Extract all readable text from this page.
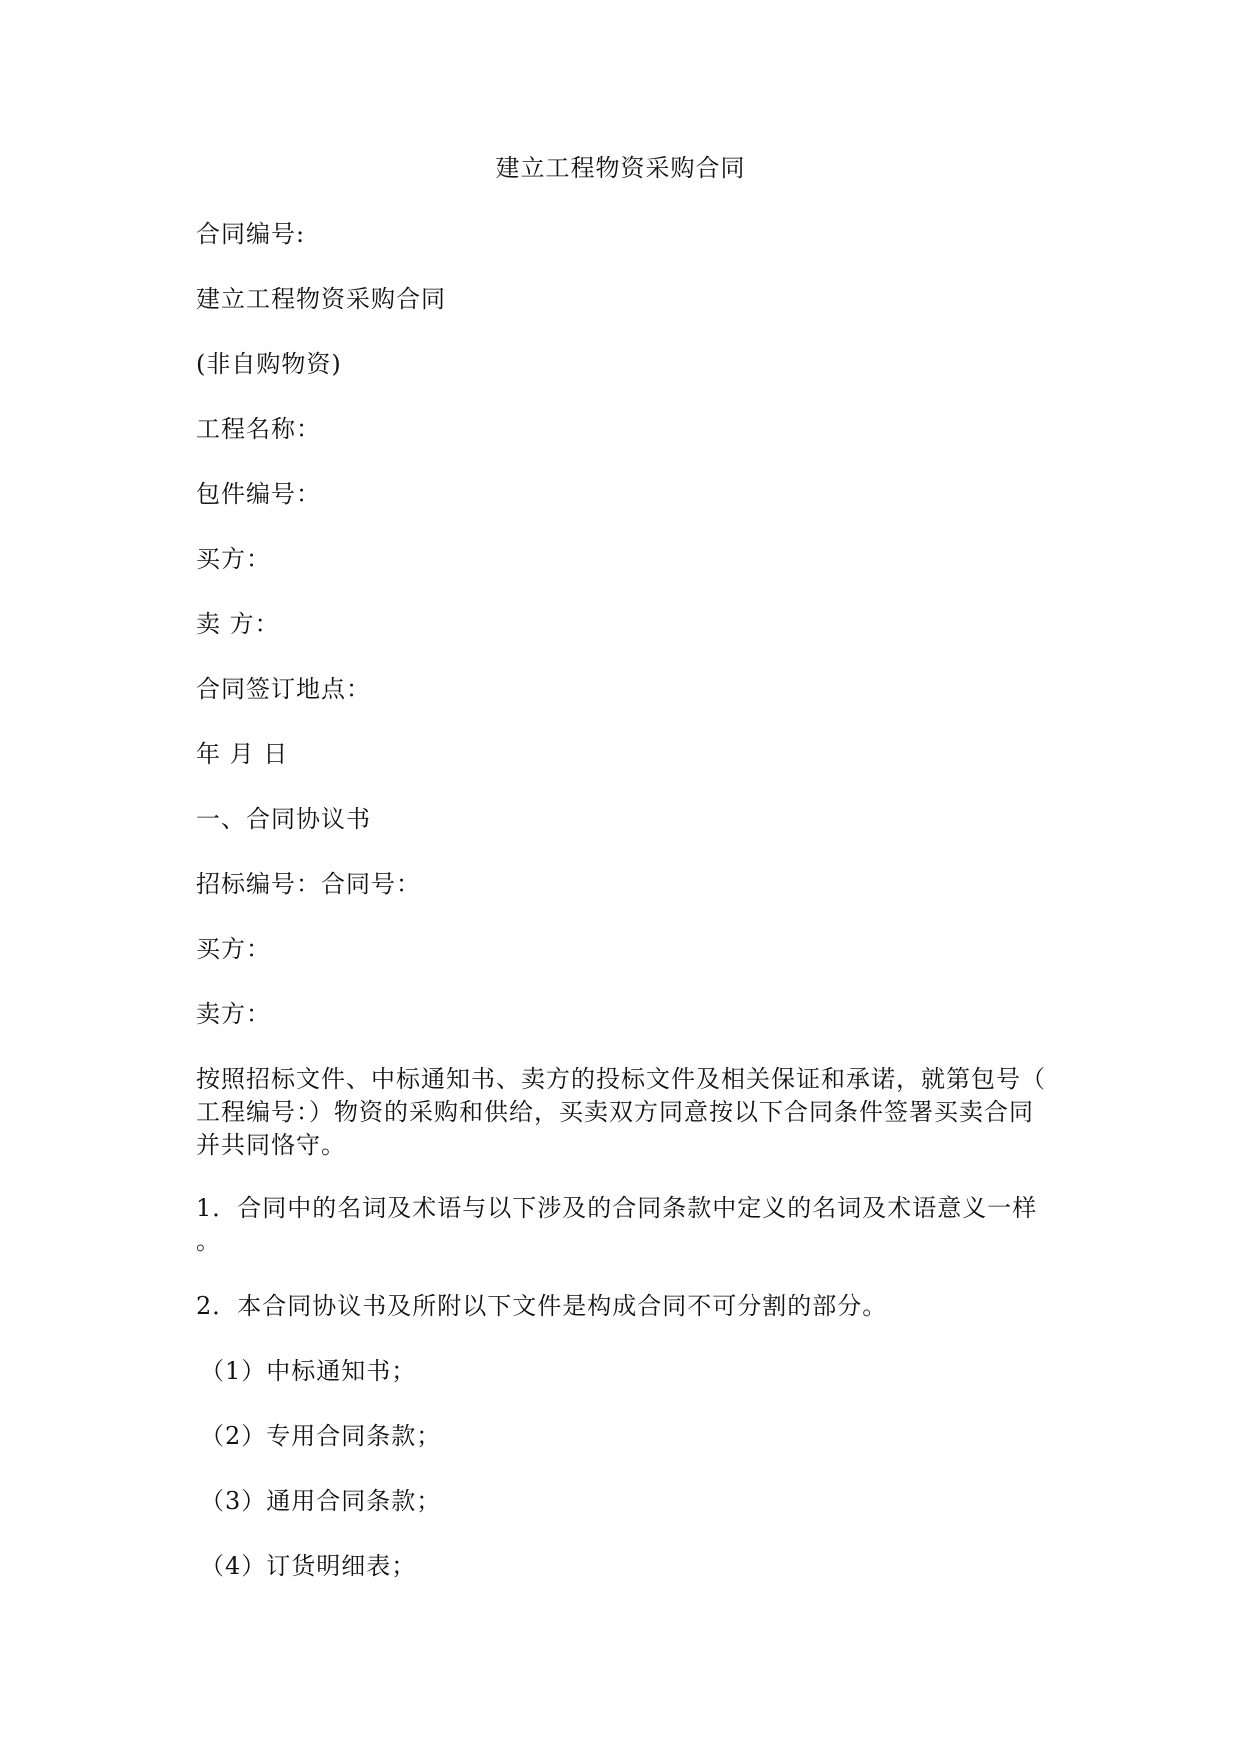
建立工程物资采购合同
合同编号:
建立工程物资采购合同
(非自购物资)
工程名称：
包件编号：
买方：
卖 方：
合同签订地点：
年 月 日
一、合同协议书
招标编号：合同号：
买方：
卖方：
按照招标文件、中标通知书、卖方的投标文件及相关保证和承诺，就第包号（
工程编号：）物资的采购和供给，买卖双方同意按以下合同条件签署买卖合同
并共同恪守。
1．合同中的名词及术语与以下涉及的合同条款中定义的名词及术语意义一样
。
2．本合同协议书及所附以下文件是构成合同不可分割的部分。
（1）中标通知书；
（2）专用合同条款；
（3）通用合同条款；
（4）订货明细表；
